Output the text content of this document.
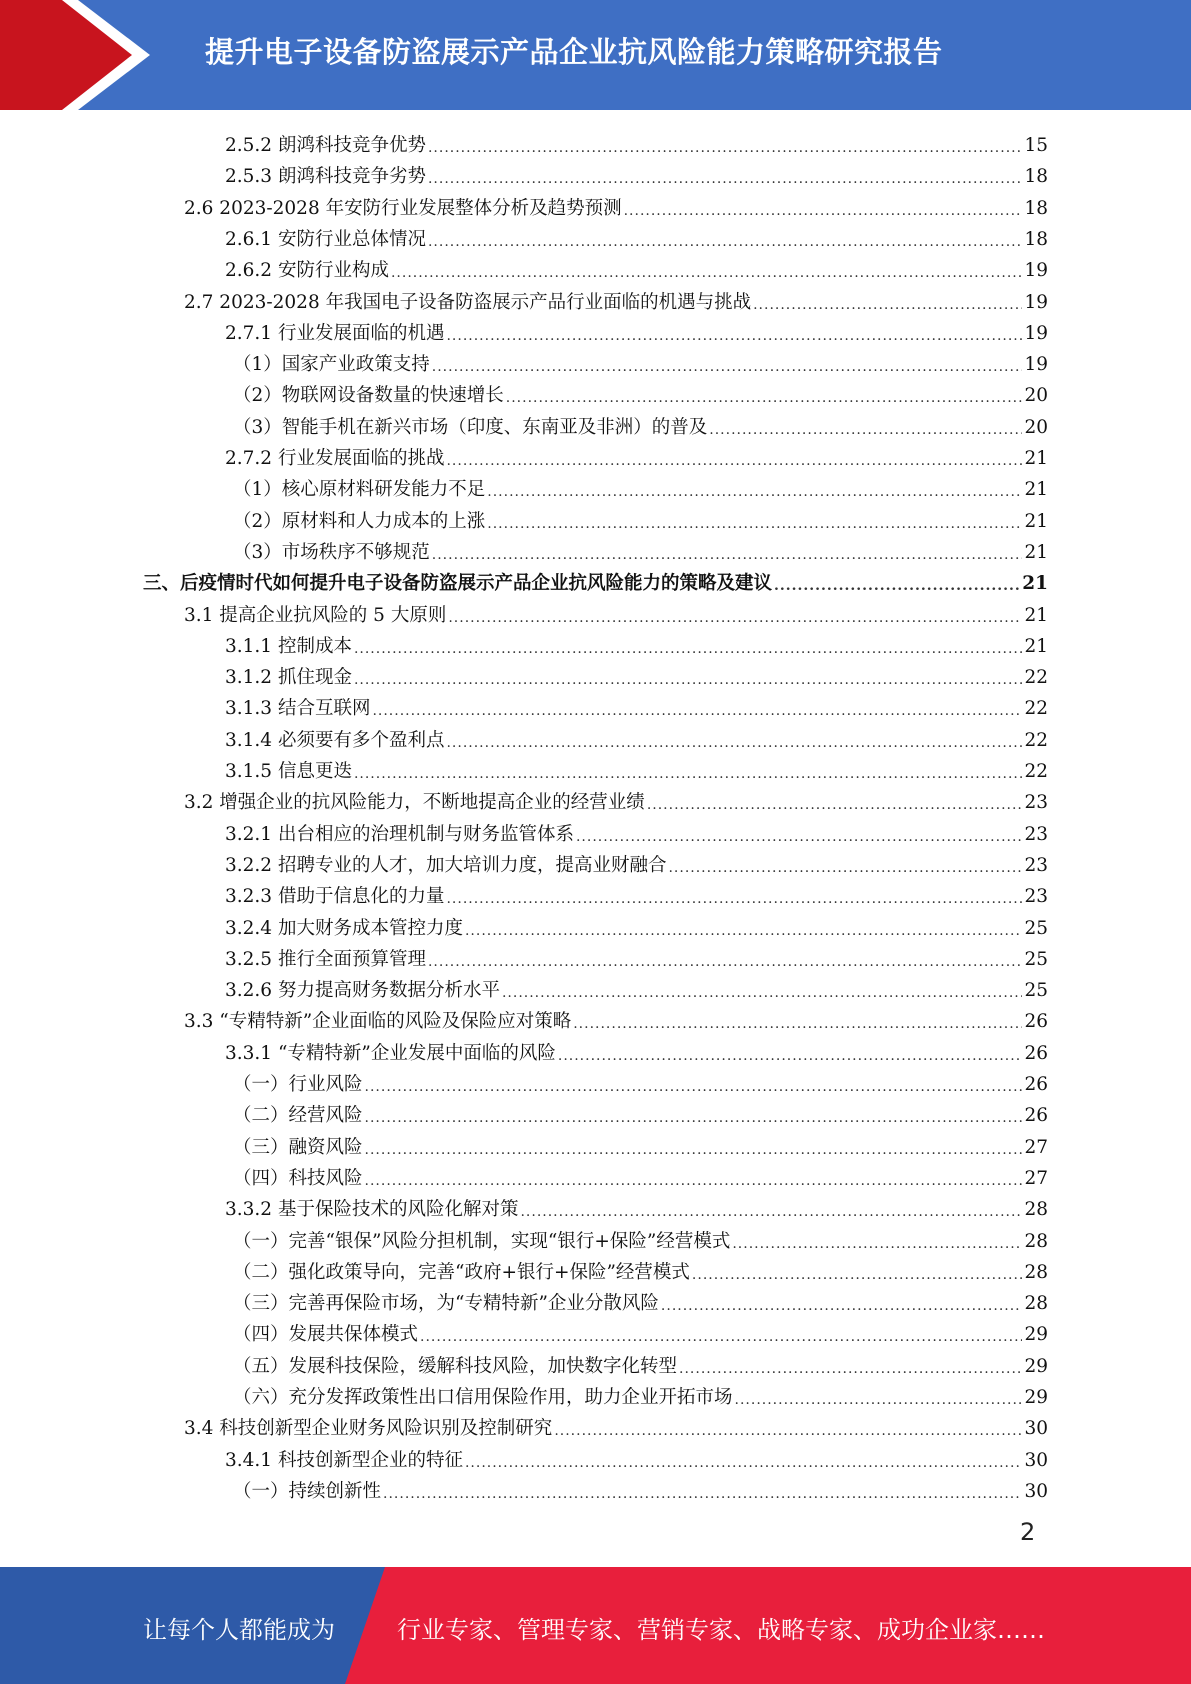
提升电子设备防盗展示产品企业抗风险能力策略研究报告
2.5.2 朗鸿科技竞争优势 .....	15
2.5.3 朗鸿科技竞争劣势 .....	18
2.6 2023-2028 年安防行业发展整体分析及趋势预测 .....	18
2.6.1 安防行业总体情况 .....	18
2.6.2 安防行业构成 .....	19
2.7 2023-2028 年我国电子设备防盗展示产品行业面临的机遇与挑战 .....	19
2.7.1 行业发展面临的机遇 .....	19
（1）国家产业政策支持 .....	19
（2）物联网设备数量的快速增长 .....	20
（3）智能手机在新兴市场（印度、东南亚及非洲）的普及 .....	20
2.7.2 行业发展面临的挑战 .....	21
（1）核心原材料研发能力不足 .....	21
（2）原材料和人力成本的上涨 .....	21
（3）市场秩序不够规范 .....	21
三、后疫情时代如何提升电子设备防盗展示产品企业抗风险能力的策略及建议 .....	21
3.1 提高企业抗风险的 5 大原则 .....	21
3.1.1 控制成本 .....	21
3.1.2 抓住现金 .....	22
3.1.3 结合互联网 .....	22
3.1.4 必须要有多个盈利点 .....	22
3.1.5 信息更迭 .....	22
3.2 增强企业的抗风险能力，不断地提高企业的经营业绩 .....	23
3.2.1 出台相应的治理机制与财务监管体系 .....	23
3.2.2 招聘专业的人才，加大培训力度，提高业财融合 .....	23
3.2.3 借助于信息化的力量 .....	23
3.2.4 加大财务成本管控力度 .....	25
3.2.5 推行全面预算管理 .....	25
3.2.6 努力提高财务数据分析水平 .....	25
3.3 “专精特新”企业面临的风险及保险应对策略 .....	26
3.3.1 “专精特新”企业发展中面临的风险 .....	26
（一）行业风险 .....	26
（二）经营风险 .....	26
（三）融资风险 .....	27
（四）科技风险 .....	27
3.3.2 基于保险技术的风险化解对策 .....	28
（一）完善“银保”风险分担机制，实现“银行+保险”经营模式 .....	28
（二）强化政策导向，完善“政府+银行+保险”经营模式 .....	28
（三）完善再保险市场，为“专精特新”企业分散风险 .....	28
（四）发展共保体模式 .....	29
（五）发展科技保险，缓解科技风险，加快数字化转型 .....	29
（六）充分发挥政策性出口信用保险作用，助力企业开拓市场 .....	29
3.4 科技创新型企业财务风险识别及控制研究 .....	30
3.4.1 科技创新型企业的特征 .....	30
（一）持续创新性 .....	30
2
让每个人都能成为	行业专家、管理专家、营销专家、战略专家、成功企业家……
